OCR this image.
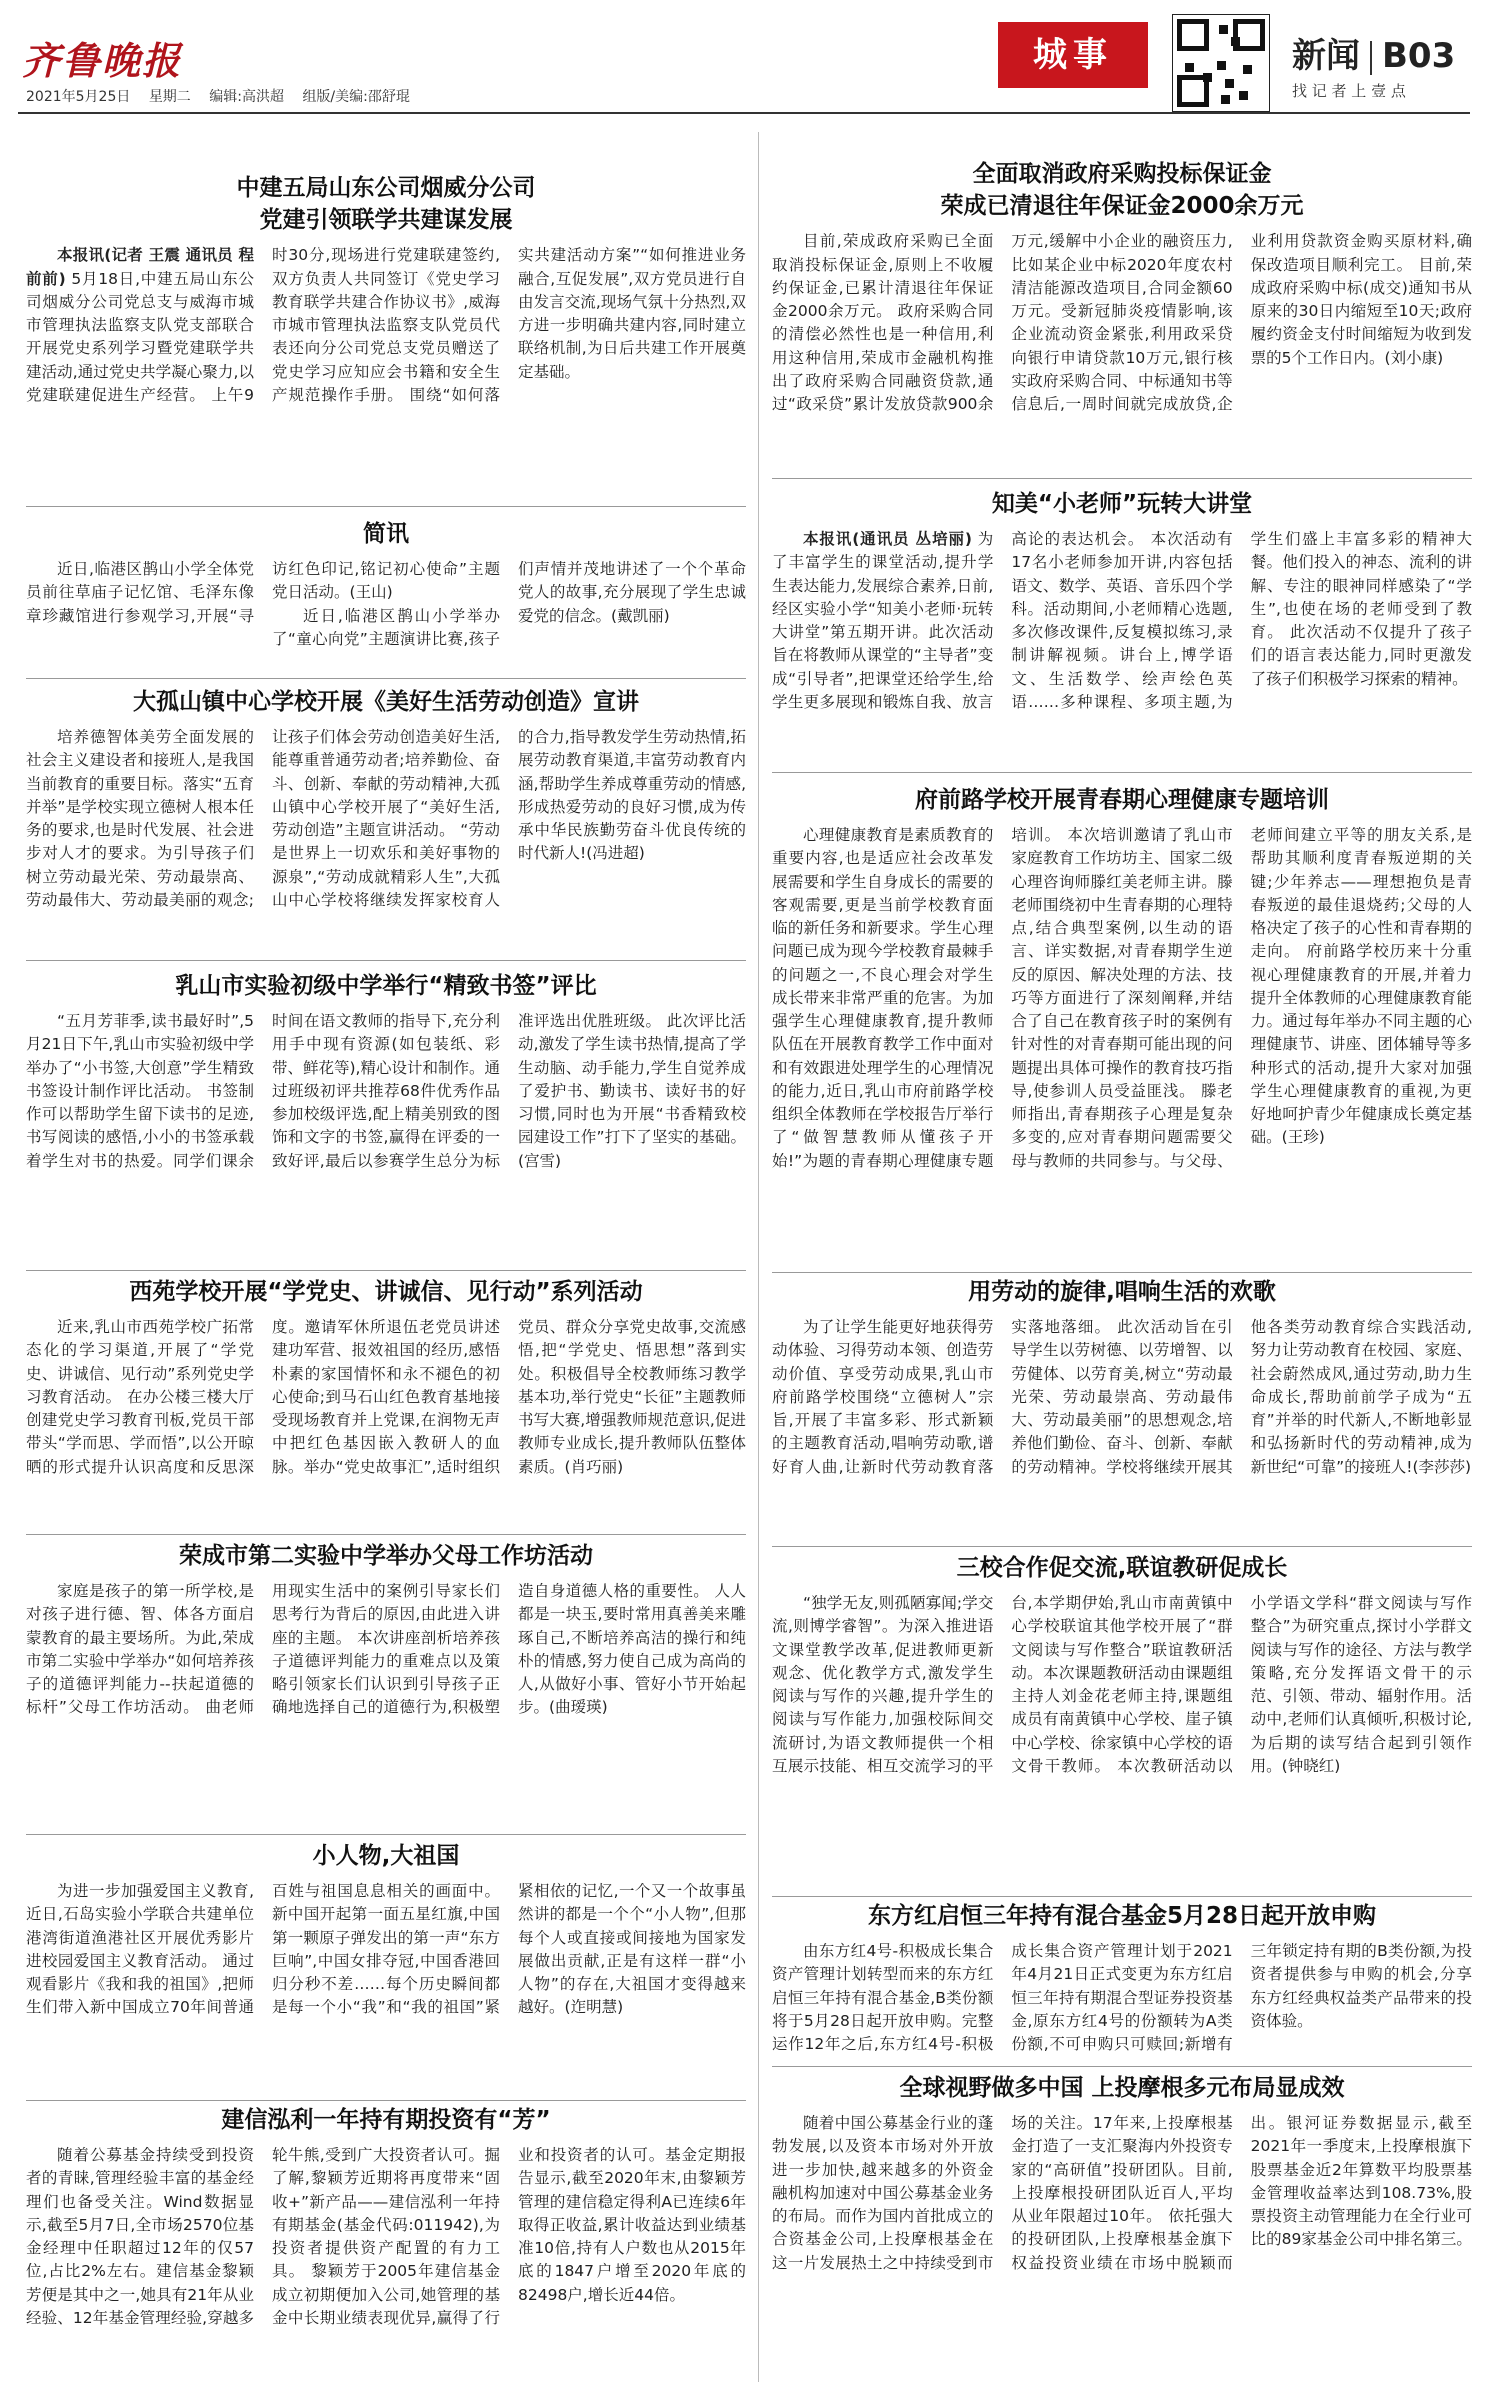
齐鲁晚报
2021年5月25日 星期二 编辑:高洪超 组版/美编:邵舒琨
城事	新闻 B03
找 记 者 上 壹 点
中建五局山东公司烟威分公司
党建引领联学共建谋发展

本报讯(记者 王震 通讯员 程前前) 5月18日,中建五局山东公司烟威分公司党总支与威海市城市管理执法监察支队党支部联合开展党史系列学习暨党建联学共建活动,通过党史共学凝心聚力,以党建联建促进生产经营。 上午9时30分,现场进行党建联建签约,双方负责人共同签订《党史学习教育联学共建合作协议书》,威海市城市管理执法监察支队党员代表还向分公司党总支党员赠送了党史学习应知应会书籍和安全生产规范操作手册。 围绕“如何落实共建活动方案”“如何推进业务融合,互促发展”,双方党员进行自由发言交流,现场气氛十分热烈,双方进一步明确共建内容,同时建立联络机制,为日后共建工作开展奠定基础。

简讯

近日,临港区鹊山小学全体党员前往草庙子记忆馆、毛泽东像章珍藏馆进行参观学习,开展“寻访红色印记,铭记初心使命”主题党日活动。(王山)

近日,临港区鹊山小学举办了“童心向党”主题演讲比赛,孩子们声情并茂地讲述了一个个革命党人的故事,充分展现了学生忠诚爱党的信念。(戴凯丽)

大孤山镇中心学校开展《美好生活劳动创造》宣讲

培养德智体美劳全面发展的社会主义建设者和接班人,是我国当前教育的重要目标。落实“五育并举”是学校实现立德树人根本任务的要求,也是时代发展、社会进步对人才的要求。为引导孩子们树立劳动最光荣、劳动最崇高、劳动最伟大、劳动最美丽的观念;让孩子们体会劳动创造美好生活,能尊重普通劳动者;培养勤俭、奋斗、创新、奉献的劳动精神,大孤山镇中心学校开展了“美好生活,劳动创造”主题宣讲活动。 “劳动是世界上一切欢乐和美好事物的源泉”,“劳动成就精彩人生”,大孤山中心学校将继续发挥家校育人的合力,指导教发学生劳动热情,拓展劳动教育渠道,丰富劳动教育内涵,帮助学生养成尊重劳动的情感,形成热爱劳动的良好习惯,成为传承中华民族勤劳奋斗优良传统的时代新人!(冯进超)

乳山市实验初级中学举行“精致书签”评比

“五月芳菲季,读书最好时”,5月21日下午,乳山市实验初级中学举办了“小书签,大创意”学生精致书签设计制作评比活动。 书签制作可以帮助学生留下读书的足迹,书写阅读的感悟,小小的书签承载着学生对书的热爱。同学们课余时间在语文教师的指导下,充分利用手中现有资源(如包装纸、彩带、鲜花等),精心设计和制作。通过班级初评共推荐68件优秀作品参加校级评选,配上精美别致的图饰和文字的书签,赢得在评委的一致好评,最后以参赛学生总分为标准评选出优胜班级。 此次评比活动,激发了学生读书热情,提高了学生动脑、动手能力,学生自觉养成了爱护书、勤读书、读好书的好习惯,同时也为开展“书香精致校园建设工作”打下了坚实的基础。(宫雪)

西苑学校开展“学党史、讲诚信、见行动”系列活动

近来,乳山市西苑学校广拓常态化的学习渠道,开展了“学党史、讲诚信、见行动”系列党史学习教育活动。 在办公楼三楼大厅创建党史学习教育刊板,党员干部带头“学而思、学而悟”,以公开晾晒的形式提升认识高度和反思深度。邀请军休所退伍老党员讲述建功军营、报效祖国的经历,感悟朴素的家国情怀和永不褪色的初心使命;到马石山红色教育基地接受现场教育并上党课,在润物无声中把红色基因嵌入教研人的血脉。举办“党史故事汇”,适时组织党员、群众分享党史故事,交流感悟,把“学党史、悟思想”落到实处。积极倡导全校教师练习教学基本功,举行党史“长征”主题教师书写大赛,增强教师规范意识,促进教师专业成长,提升教师队伍整体素质。(肖巧丽)

荣成市第二实验中学举办父母工作坊活动

家庭是孩子的第一所学校,是对孩子进行德、智、体各方面启蒙教育的最主要场所。为此,荣成市第二实验中学举办“如何培养孩子的道德评判能力--扶起道德的标杆”父母工作坊活动。 曲老师用现实生活中的案例引导家长们思考行为背后的原因,由此进入讲座的主题。 本次讲座剖析培养孩子道德评判能力的重难点以及策略引领家长们认识到引导孩子正确地选择自己的道德行为,积极塑造自身道德人格的重要性。 人人都是一块玉,要时常用真善美来雕琢自己,不断培养高洁的操行和纯朴的情感,努力使自己成为高尚的人,从做好小事、管好小节开始起步。(曲瑷瑛)

小人物,大祖国

为进一步加强爱国主义教育,近日,石岛实验小学联合共建单位港湾街道渔港社区开展优秀影片进校园爱国主义教育活动。 通过观看影片《我和我的祖国》,把师生们带入新中国成立70年间普通百姓与祖国息息相关的画面中。新中国开起第一面五星红旗,中国第一颗原子弹发出的第一声“东方巨响”,中国女排夺冠,中国香港回归分秒不差……每个历史瞬间都是每一个小“我”和“我的祖国”紧紧相依的记忆,一个又一个故事虽然讲的都是一个个“小人物”,但那每个人或直接或间接地为国家发展做出贡献,正是有这样一群“小人物”的存在,大祖国才变得越来越好。(迮明慧)

建信泓利一年持有期投资有“芳”

随着公募基金持续受到投资者的青睐,管理经验丰富的基金经理们也备受关注。Wind数据显示,截至5月7日,全市场2570位基金经理中任职超过12年的仅57位,占比2%左右。建信基金黎颖芳便是其中之一,她具有21年从业经验、12年基金管理经验,穿越多轮牛熊,受到广大投资者认可。掘了解,黎颖芳近期将再度带来“固收+”新产品——建信泓利一年持有期基金(基金代码:011942),为投资者提供资产配置的有力工具。 黎颖芳于2005年建信基金成立初期便加入公司,她管理的基金中长期业绩表现优异,赢得了行业和投资者的认可。基金定期报告显示,截至2020年末,由黎颖芳管理的建信稳定得利A已连续6年取得正收益,累计收益达到业绩基准10倍,持有人户数也从2015年底的1847户增至2020年底的82498户,增长近44倍。

全面取消政府采购投标保证金
荣成已清退往年保证金2000余万元

目前,荣成政府采购已全面取消投标保证金,原则上不收履约保证金,已累计清退往年保证金2000余万元。 政府采购合同的清偿必然性也是一种信用,利用这种信用,荣成市金融机构推出了政府采购合同融资贷款,通过“政采贷”累计发放贷款900余万元,缓解中小企业的融资压力,比如某企业中标2020年度农村清洁能源改造项目,合同金额60万元。受新冠肺炎疫情影响,该企业流动资金紧张,利用政采贷向银行申请贷款10万元,银行核实政府采购合同、中标通知书等信息后,一周时间就完成放贷,企业利用贷款资金购买原材料,确保改造项目顺利完工。 目前,荣成政府采购中标(成交)通知书从原来的30日内缩短至10天;政府履约资金支付时间缩短为收到发票的5个工作日内。(刘小康)

知美“小老师”玩转大讲堂

本报讯(通讯员 丛培丽) 为了丰富学生的课堂活动,提升学生表达能力,发展综合素养,日前,经区实验小学“知美小老师·玩转大讲堂”第五期开讲。此次活动旨在将教师从课堂的“主导者”变成“引导者”,把课堂还给学生,给学生更多展现和锻炼自我、放言高论的表达机会。 本次活动有17名小老师参加开讲,内容包括语文、数学、英语、音乐四个学科。活动期间,小老师精心选题,多次修改课件,反复模拟练习,录制讲解视频。讲台上,博学语文、生活数学、绘声绘色英语……多种课程、多项主题,为学生们盛上丰富多彩的精神大餐。他们投入的神态、流利的讲解、专注的眼神同样感染了“学生”,也使在场的老师受到了教育。 此次活动不仅提升了孩子们的语言表达能力,同时更激发了孩子们积极学习探索的精神。

府前路学校开展青春期心理健康专题培训

心理健康教育是素质教育的重要内容,也是适应社会改革发展需要和学生自身成长的需要的客观需要,更是当前学校教育面临的新任务和新要求。学生心理问题已成为现今学校教育最棘手的问题之一,不良心理会对学生成长带来非常严重的危害。为加强学生心理健康教育,提升教师队伍在开展教育教学工作中面对和有效跟进处理学生的心理情况的能力,近日,乳山市府前路学校组织全体教师在学校报告厅举行了“做智慧教师从懂孩子开始!”为题的青春期心理健康专题培训。 本次培训邀请了乳山市家庭教育工作坊坊主、国家二级心理咨询师滕红美老师主讲。滕老师围绕初中生青春期的心理特点,结合典型案例,以生动的语言、详实数据,对青春期学生逆反的原因、解决处理的方法、技巧等方面进行了深刻阐释,并结合了自己在教育孩子时的案例有针对性的对青春期可能出现的问题提出具体可操作的教育技巧指导,使参训人员受益匪浅。 滕老师指出,青春期孩子心理是复杂多变的,应对青春期问题需要父母与教师的共同参与。与父母、老师间建立平等的朋友关系,是帮助其顺利度青春叛逆期的关键;少年养志——理想抱负是青春叛逆的最佳退烧药;父母的人格决定了孩子的心性和青春期的走向。 府前路学校历来十分重视心理健康教育的开展,并着力提升全体教师的心理健康教育能力。通过每年举办不同主题的心理健康节、讲座、团体辅导等多种形式的活动,提升大家对加强学生心理健康教育的重视,为更好地呵护青少年健康成长奠定基础。(王珍)

用劳动的旋律,唱响生活的欢歌

为了让学生能更好地获得劳动体验、习得劳动本领、创造劳动价值、享受劳动成果,乳山市府前路学校围绕“立德树人”宗旨,开展了丰富多彩、形式新颖的主题教育活动,唱响劳动歌,谱好育人曲,让新时代劳动教育落实落地落细。 此次活动旨在引导学生以劳树德、以劳增智、以劳健体、以劳育美,树立“劳动最光荣、劳动最崇高、劳动最伟大、劳动最美丽”的思想观念,培养他们勤俭、奋斗、创新、奉献的劳动精神。学校将继续开展其他各类劳动教育综合实践活动,努力让劳动教育在校园、家庭、社会蔚然成风,通过劳动,助力生命成长,帮助前前学子成为“五育”并举的时代新人,不断地彰显和弘扬新时代的劳动精神,成为新世纪“可靠”的接班人!(李莎莎)

三校合作促交流,联谊教研促成长

“独学无友,则孤陋寡闻;学交流,则博学睿智”。为深入推进语文课堂教学改革,促进教师更新观念、优化教学方式,激发学生阅读与写作的兴趣,提升学生的阅读与写作能力,加强校际间交流研讨,为语文教师提供一个相互展示技能、相互交流学习的平台,本学期伊始,乳山市南黄镇中心学校联谊其他学校开展了“群文阅读与写作整合”联谊教研活动。本次课题教研活动由课题组主持人刘金花老师主持,课题组成员有南黄镇中心学校、崖子镇中心学校、徐家镇中心学校的语文骨干教师。 本次教研活动以小学语文学科“群文阅读与写作整合”为研究重点,探讨小学群文阅读与写作的途径、方法与教学策略,充分发挥语文骨干的示范、引领、带动、辐射作用。活动中,老师们认真倾听,积极讨论,为后期的读写结合起到引领作用。(钟晓红)

东方红启恒三年持有混合基金5月28日起开放申购

由东方红4号-积极成长集合资产管理计划转型而来的东方红启恒三年持有混合基金,B类份额将于5月28日起开放申购。完整运作12年之后,东方红4号-积极成长集合资产管理计划于2021年4月21日正式变更为东方红启恒三年持有期混合型证券投资基金,原东方红4号的份额转为A类份额,不可申购只可赎回;新增有三年锁定持有期的B类份额,为投资者提供参与申购的机会,分享东方红经典权益类产品带来的投资体验。

全球视野做多中国 上投摩根多元布局显成效

随着中国公募基金行业的蓬勃发展,以及资本市场对外开放进一步加快,越来越多的外资金融机构加速对中国公募基金业务的布局。而作为国内首批成立的合资基金公司,上投摩根基金在这一片发展热土之中持续受到市场的关注。17年来,上投摩根基金打造了一支汇聚海内外投资专家的“高研值”投研团队。目前,上投摩根投研团队近百人,平均从业年限超过10年。 依托强大的投研团队,上投摩根基金旗下权益投资业绩在市场中脱颖而出。银河证券数据显示,截至2021年一季度末,上投摩根旗下股票基金近2年算数平均股票基金管理收益率达到108.73%,股票投资主动管理能力在全行业可比的89家基金公司中排名第三。
